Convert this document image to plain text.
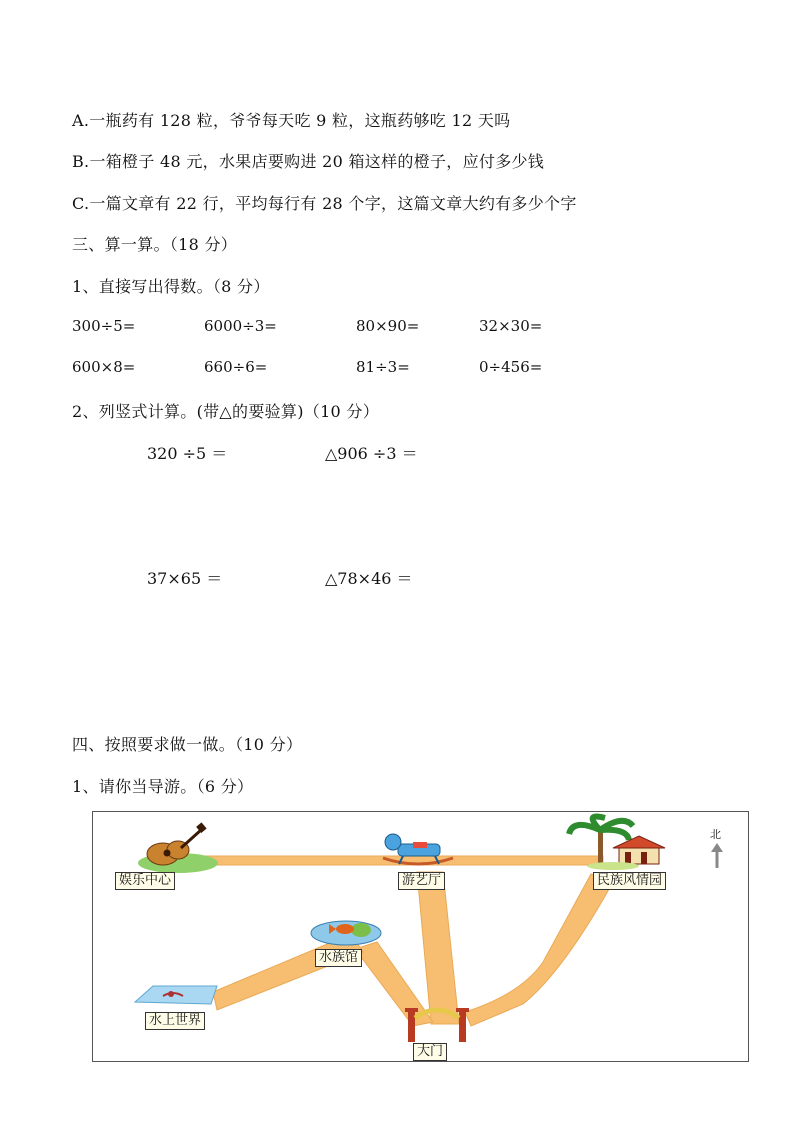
A.一瓶药有 128 粒，爷爷每天吃 9 粒，这瓶药够吃 12 天吗
B.一箱橙子 48 元，水果店要购进 20 箱这样的橙子，应付多少钱
C.一篇文章有 22 行，平均每行有 28 个字，这篇文章大约有多少个字
三、算一算。（18 分）
1、直接写出得数。（8 分）
300÷5=	6000÷3=	80×90=	32×30=
600×8=	660÷6=	81÷3=	0÷456=
2、列竖式计算。(带△的要验算)（10 分）
320 ÷5 ＝	△906 ÷3 ＝
37×65 ＝	△78×46 ＝
四、按照要求做一做。（10 分）
1、请你当导游。（6 分）
娱乐中心	游艺厅	民族风情园
水族馆
水上世界
大门
北
